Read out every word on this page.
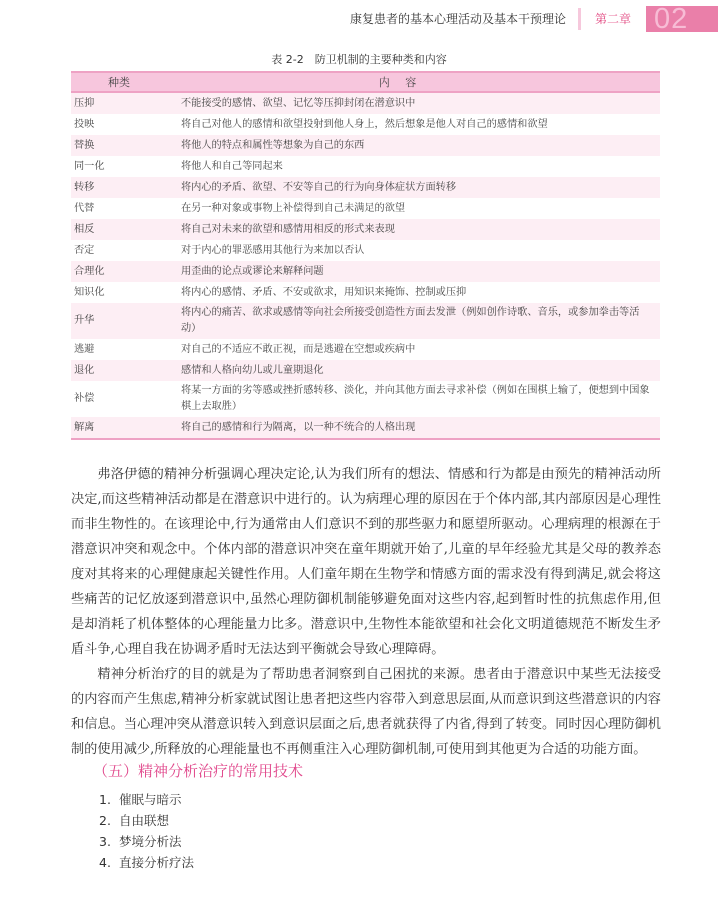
康复患者的基本心理活动及基本干预理论 第二章 02
表 2-2　防卫机制的主要种类和内容
种类	内 容
压抑	不能接受的感情、欲望、记忆等压抑封闭在潜意识中
投映	将自己对他人的感情和欲望投射到他人身上，然后想象是他人对自己的感情和欲望
替换	将他人的特点和属性等想象为自己的东西
同一化	将他人和自己等同起来
转移	将内心的矛盾、欲望、不安等自己的行为向身体症状方面转移
代替	在另一种对象或事物上补偿得到自己未满足的欲望
相反	将自己对未来的欲望和感情用相反的形式来表现
否定	对于内心的罪恶感用其他行为来加以否认
合理化	用歪曲的论点或谬论来解释问题
知识化	将内心的感情、矛盾、不安或欲求，用知识来掩饰、控制或压抑
升华	将内心的痛苦、欲求或感情等向社会所接受创造性方面去发泄（例如创作诗歌、音乐，或参加拳击等活动）
逃避	对自己的不适应不敢正视，而是逃避在空想或疾病中
退化	感情和人格向幼儿或儿童期退化
补偿	将某一方面的劣等感或挫折感转移、淡化，并向其他方面去寻求补偿（例如在围棋上输了，便想到中国象棋上去取胜）
解离	将自己的感情和行为隔离，以一种不统合的人格出现

弗洛伊德的精神分析强调心理决定论,认为我们所有的想法、情感和行为都是由预先的精神活动所决定,而这些精神活动都是在潜意识中进行的。认为病理心理的原因在于个体内部,其内部原因是心理性而非生物性的。在该理论中,行为通常由人们意识不到的那些驱力和愿望所驱动。心理病理的根源在于潜意识冲突和观念中。个体内部的潜意识冲突在童年期就开始了,儿童的早年经验尤其是父母的教养态度对其将来的心理健康起关键性作用。人们童年期在生物学和情感方面的需求没有得到满足,就会将这些痛苦的记忆放逐到潜意识中,虽然心理防御机制能够避免面对这些内容,起到暂时性的抗焦虑作用,但是却消耗了机体整体的心理能量力比多。潜意识中,生物性本能欲望和社会化文明道德规范不断发生矛盾斗争,心理自我在协调矛盾时无法达到平衡就会导致心理障碍。

精神分析治疗的目的就是为了帮助患者洞察到自己困扰的来源。患者由于潜意识中某些无法接受的内容而产生焦虑,精神分析家就试图让患者把这些内容带入到意思层面,从而意识到这些潜意识的内容和信息。当心理冲突从潜意识转入到意识层面之后,患者就获得了内省,得到了转变。同时因心理防御机制的使用减少,所释放的心理能量也不再侧重注入心理防御机制,可使用到其他更为合适的功能方面。

（五）精神分析治疗的常用技术
1. 催眠与暗示
2. 自由联想
3. 梦境分析法
4. 直接分析疗法
